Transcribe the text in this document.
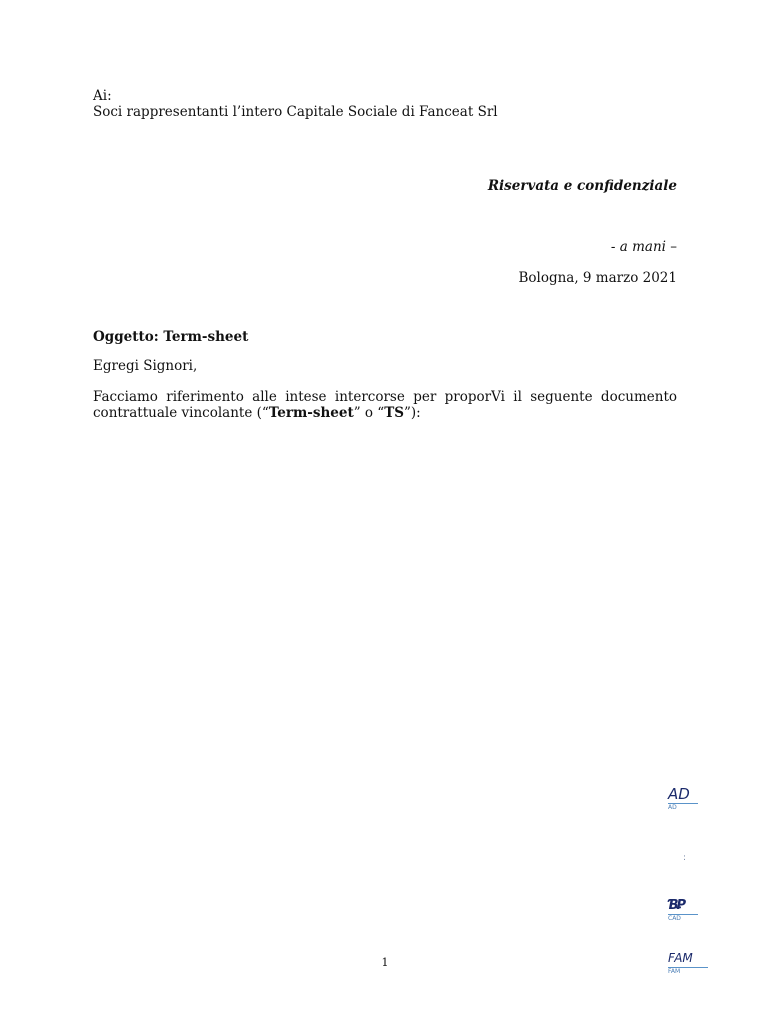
Ai:
Soci rappresentanti l’intero Capitale Sociale di Fanceat Srl
Riservata e confidenziale
- a mani –
Bologna, 9 marzo 2021
Oggetto: Term-sheet
Egregi Signori,
Facciamo riferimento alle intese intercorse per proporVi il seguente documento contrattuale vincolante (“Term-sheet” o “TS”):
AD
AD
:
ƁꝐ
CAD
FAM
FAM
1
